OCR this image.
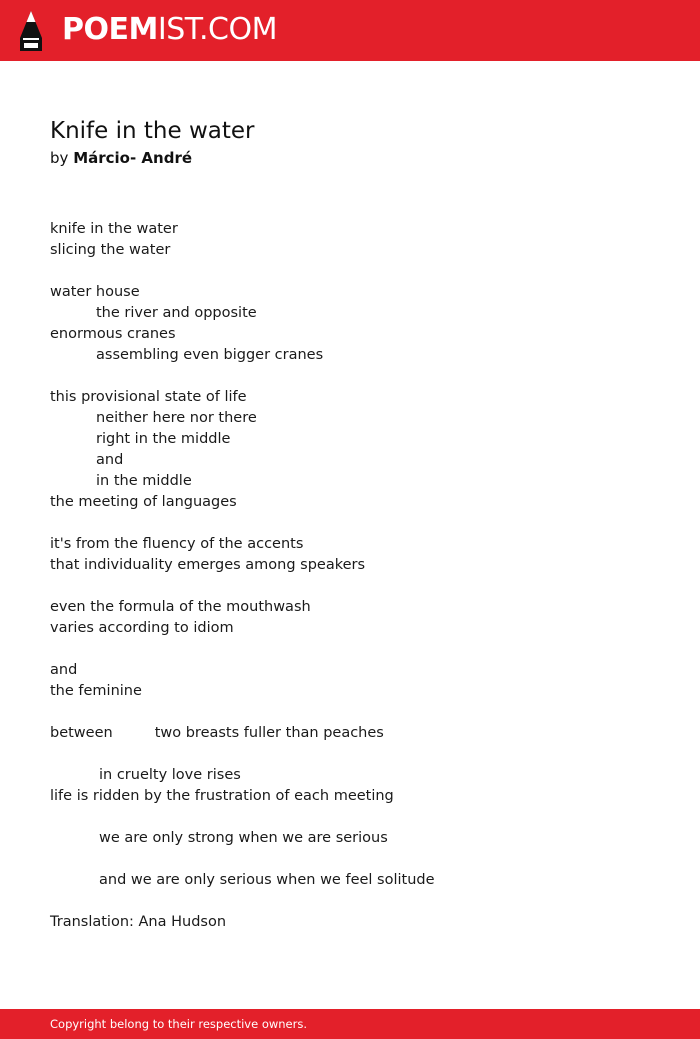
POEMIST.COM
Knife in the water
by Márcio- André
knife in the water
slicing the water
water house
the river and opposite
enormous cranes
assembling even bigger cranes
this provisional state of life
neither here nor there
right in the middle
and
in the middle
the meeting of languages
it's from the fluency of the accents
that individuality emerges among speakers
even the formula of the mouthwash
varies according to idiom
and
the feminine
between	two breasts fuller than peaches
in cruelty love rises
life is ridden by the frustration of each meeting
we are only strong when we are serious
and we are only serious when we feel solitude
Translation: Ana Hudson
Copyright belong to their respective owners.
